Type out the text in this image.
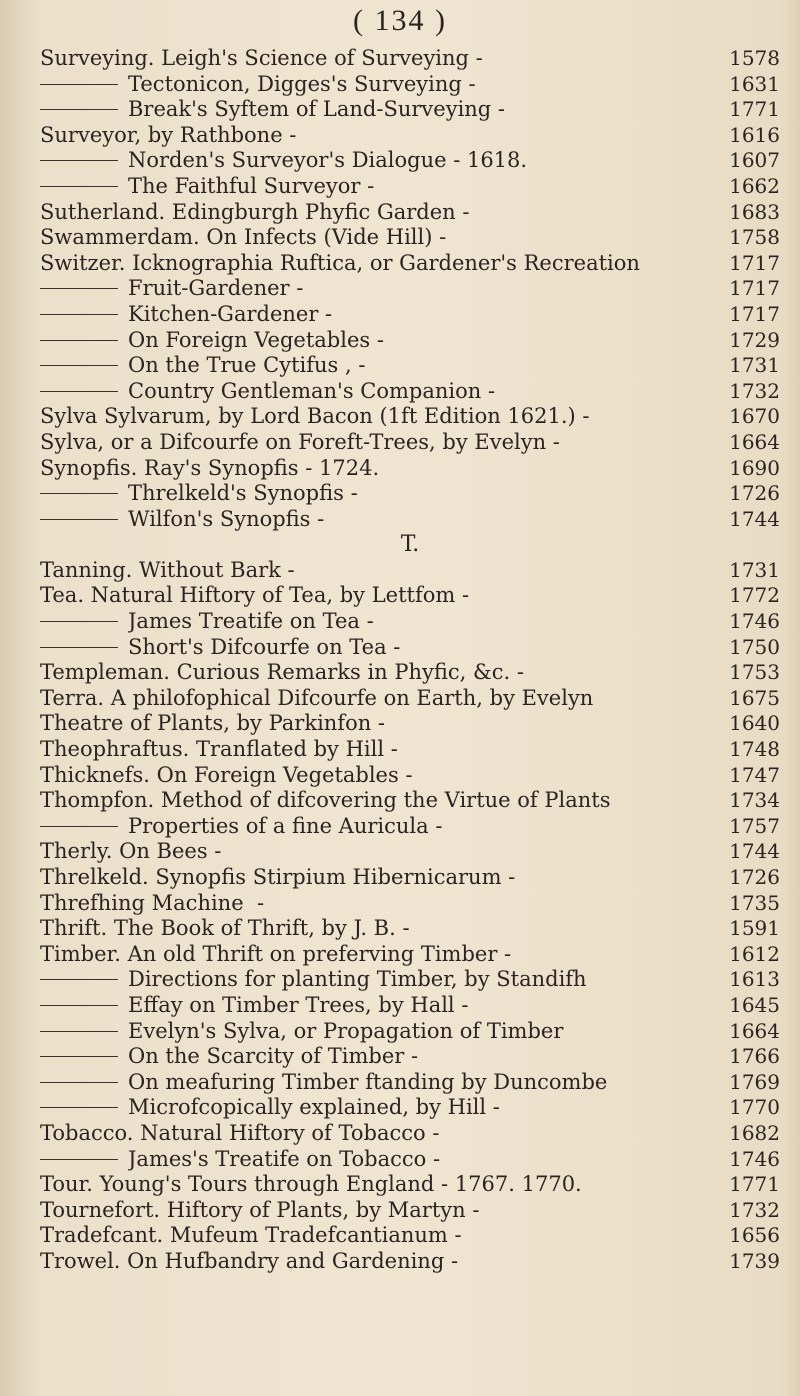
( 134 )
Surveying. Leigh's Science of Surveying -	1578
Tectonicon, Digges's Surveying -	1631
Break's Syftem of Land-Surveying -	1771
Surveyor, by Rathbone -	1616
Norden's Surveyor's Dialogue - 1618.	1607
The Faithful Surveyor -	1662
Sutherland. Edingburgh Phyfic Garden -	1683
Swammerdam. On Infects (Vide Hill) -	1758
Switzer. Icknographia Ruftica, or Gardener's Recreation	1717
Fruit-Gardener -	1717
Kitchen-Gardener -	1717
On Foreign Vegetables -	1729
On the True Cytifus , -	1731
Country Gentleman's Companion -	1732
Sylva Sylvarum, by Lord Bacon (1ft Edition 1621.) -	1670
Sylva, or a Difcourfe on Foreft-Trees, by Evelyn -	1664
Synopfis. Ray's Synopfis - 1724.	1690
Threlkeld's Synopfis -	1726
Wilfon's Synopfis -	1744
T.
Tanning. Without Bark -	1731
Tea. Natural Hiftory of Tea, by Lettfom -	1772
James Treatife on Tea -	1746
Short's Difcourfe on Tea -	1750
Templeman. Curious Remarks in Phyfic, &c. -	1753
Terra. A philofophical Difcourfe on Earth, by Evelyn	1675
Theatre of Plants, by Parkinfon -	1640
Theophraftus. Tranflated by Hill -	1748
Thicknefs. On Foreign Vegetables -	1747
Thompfon. Method of difcovering the Virtue of Plants	1734
Properties of a fine Auricula -	1757
Therly. On Bees -	1744
Threlkeld. Synopfis Stirpium Hibernicarum -	1726
Threfhing Machine -	1735
Thrift. The Book of Thrift, by J. B. -	1591
Timber. An old Thrift on preferving Timber -	1612
Directions for planting Timber, by Standifh	1613
Effay on Timber Trees, by Hall -	1645
Evelyn's Sylva, or Propagation of Timber	1664
On the Scarcity of Timber -	1766
On meafuring Timber ftanding by Duncombe	1769
Microfcopically explained, by Hill -	1770
Tobacco. Natural Hiftory of Tobacco -	1682
James's Treatife on Tobacco -	1746
Tour. Young's Tours through England - 1767. 1770.	1771
Tournefort. Hiftory of Plants, by Martyn -	1732
Tradefcant. Mufeum Tradefcantianum -	1656
Trowel. On Hufbandry and Gardening -	1739
